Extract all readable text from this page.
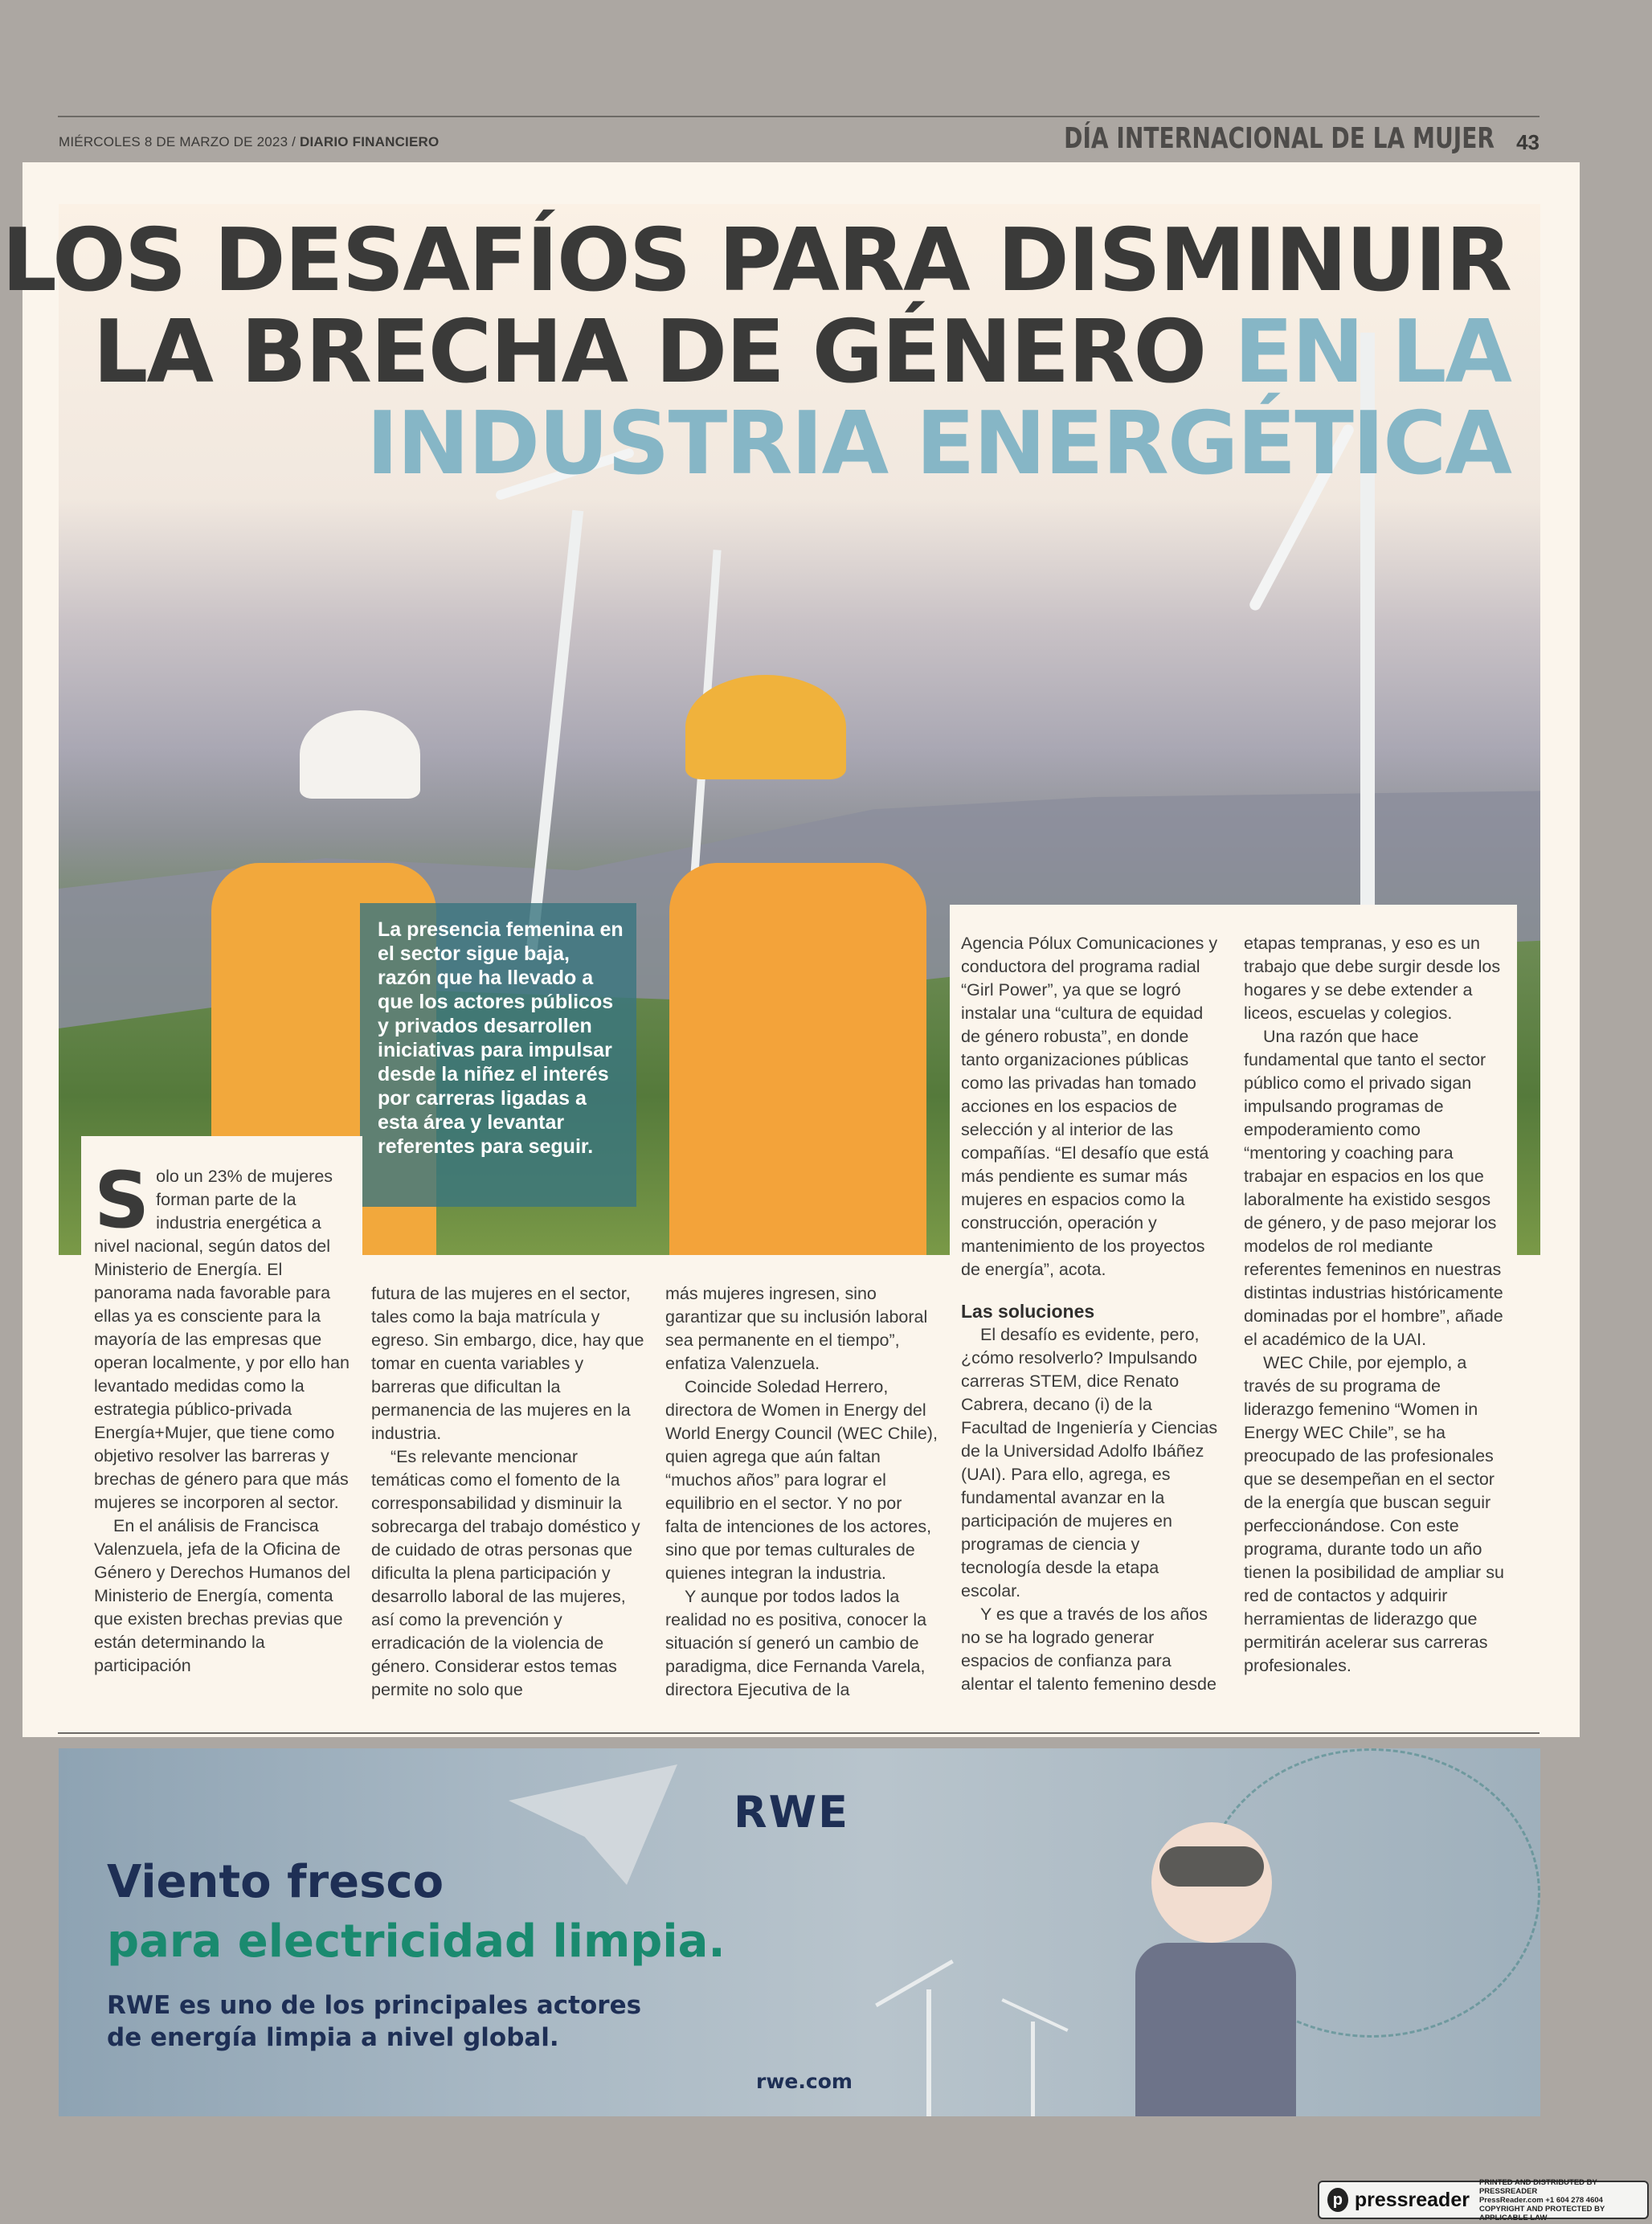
MIÉRCOLES 8 DE MARZO DE 2023 / DIARIO FINANCIERO	DÍA INTERNACIONAL DE LA MUJER 43
LOS DESAFÍOS PARA DISMINUIR
LA BRECHA DE GÉNERO EN LA
INDUSTRIA ENERGÉTICA
La presencia femenina en el sector sigue baja, razón que ha llevado a que los actores públicos y privados desarrollen iniciativas para impulsar desde la niñez el interés por carreras ligadas a esta área y levantar referentes para seguir.
S olo un 23% de mujeres forman parte de la industria energética a nivel nacional, según datos del Ministerio de Energía. El panorama nada favorable para ellas ya es consciente para la mayoría de las empresas que operan localmente, y por ello han levantado medidas como la estrategia público-privada Energía+Mujer, que tiene como objetivo resolver las barreras y brechas de género para que más mujeres se incorporen al sector.

En el análisis de Francisca Valenzuela, jefa de la Oficina de Género y Derechos Humanos del Ministerio de Energía, comenta que existen brechas previas que están determinando la participación

futura de las mujeres en el sector, tales como la baja matrícula y egreso. Sin embargo, dice, hay que tomar en cuenta variables y barreras que dificultan la permanencia de las mujeres en la industria.

“Es relevante mencionar temáticas como el fomento de la corresponsabilidad y disminuir la sobrecarga del trabajo doméstico y de cuidado de otras personas que dificulta la plena participación y desarrollo laboral de las mujeres, así como la prevención y erradicación de la violencia de género. Considerar estos temas permite no solo que

más mujeres ingresen, sino garantizar que su inclusión laboral sea permanente en el tiempo”, enfatiza Valenzuela.

Coincide Soledad Herrero, directora de Women in Energy del World Energy Council (WEC Chile), quien agrega que aún faltan “muchos años” para lograr el equilibrio en el sector. Y no por falta de intenciones de los actores, sino que por temas culturales de quienes integran la industria.

Y aunque por todos lados la realidad no es positiva, conocer la situación sí generó un cambio de paradigma, dice Fernanda Varela, directora Ejecutiva de la

Agencia Pólux Comunicaciones y conductora del programa radial “Girl Power”, ya que se logró instalar una “cultura de equidad de género robusta”, en donde tanto organizaciones públicas como las privadas han tomado acciones en los espacios de selección y al interior de las compañías. “El desafío que está más pendiente es sumar más mujeres en espacios como la construcción, operación y mantenimiento de los proyectos de energía”, acota.

Las soluciones

El desafío es evidente, pero, ¿cómo resolverlo? Impulsando carreras STEM, dice Renato Cabrera, decano (i) de la Facultad de Ingeniería y Ciencias de la Universidad Adolfo Ibáñez (UAI). Para ello, agrega, es fundamental avanzar en la participación de mujeres en programas de ciencia y tecnología desde la etapa escolar.

Y es que a través de los años no se ha logrado generar espacios de confianza para alentar el talento femenino desde

etapas tempranas, y eso es un trabajo que debe surgir desde los hogares y se debe extender a liceos, escuelas y colegios.

Una razón que hace fundamental que tanto el sector público como el privado sigan impulsando programas de empoderamiento como “mentoring y coaching para trabajar en espacios en los que laboralmente ha existido sesgos de género, y de paso mejorar los modelos de rol mediante referentes femeninos en nuestras distintas industrias históricamente dominadas por el hombre”, añade el académico de la UAI.

WEC Chile, por ejemplo, a través de su programa de liderazgo femenino “Women in Energy WEC Chile”, se ha preocupado de las profesionales que se desempeñan en el sector de la energía que buscan seguir perfeccionándose. Con este programa, durante todo un año tienen la posibilidad de ampliar su red de contactos y adquirir herramientas de liderazgo que permitirán acelerar sus carreras profesionales.

RWE
Viento fresco
para electricidad limpia.
RWE es uno de los principales actores
de energía limpia a nivel global.
rwe.com
p pressreader
PRINTED AND DISTRIBUTED BY PRESSREADER
PressReader.com +1 604 278 4604
COPYRIGHT AND PROTECTED BY APPLICABLE LAW
